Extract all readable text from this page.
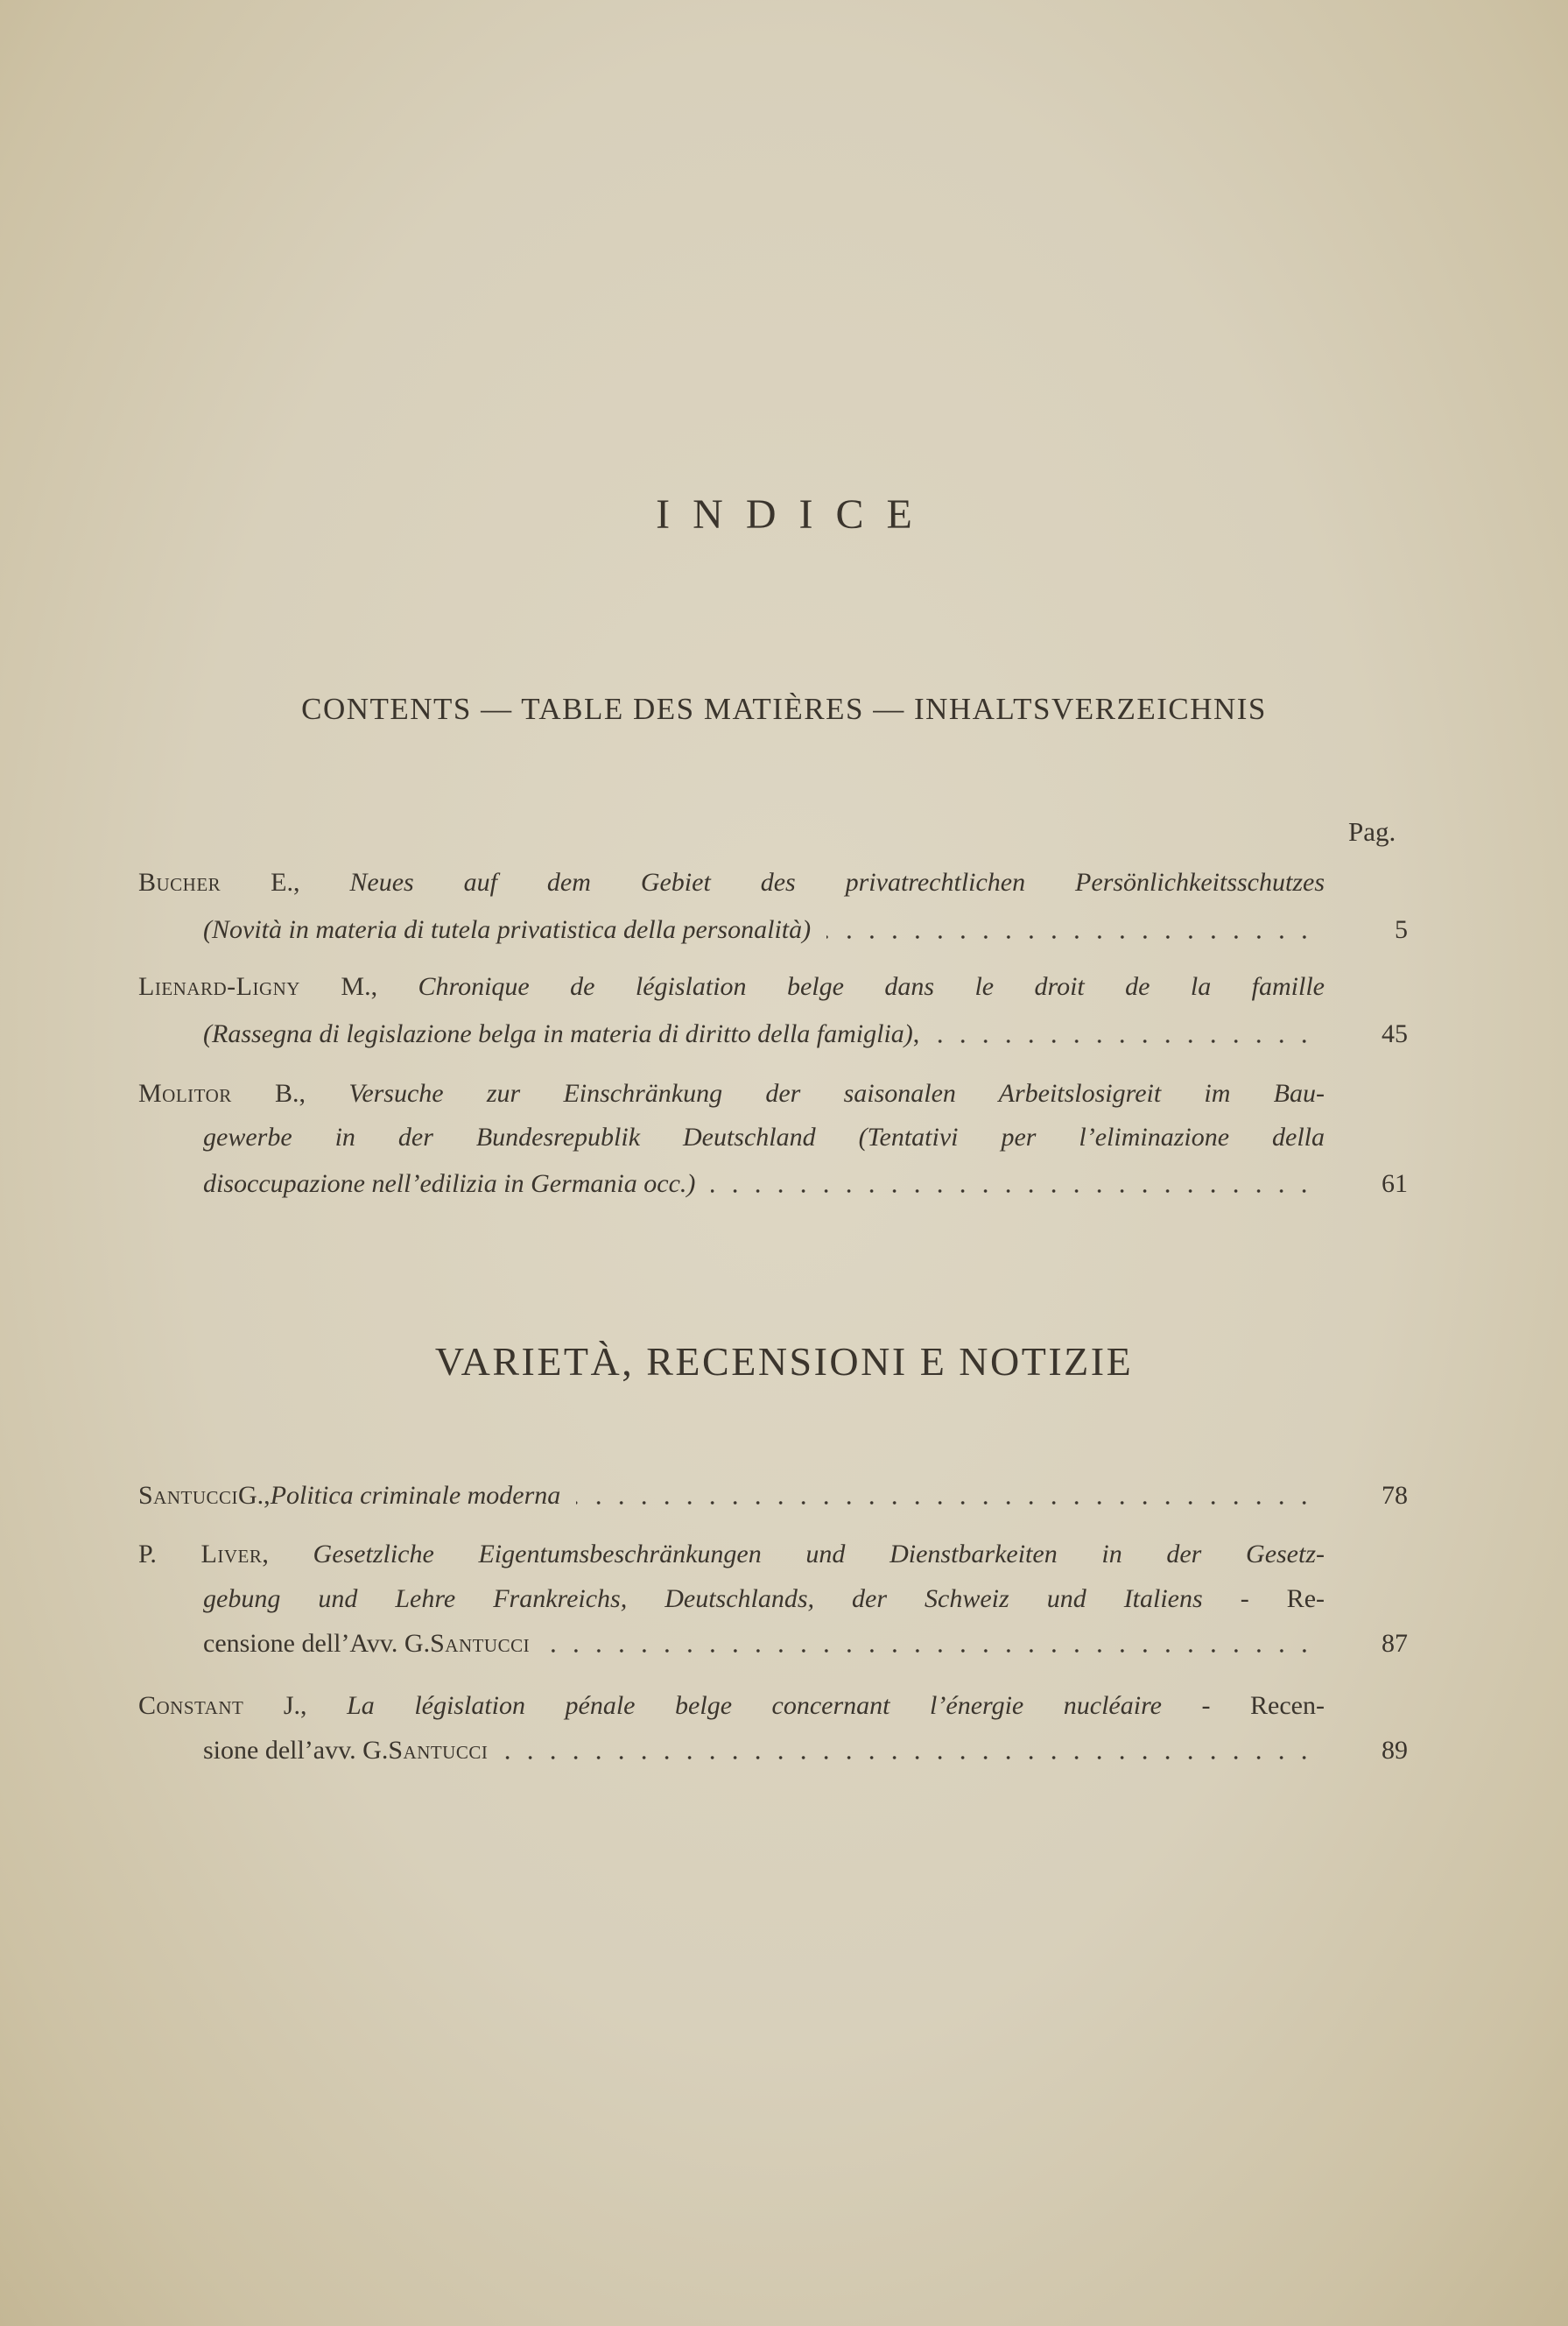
INDICE
CONTENTS — TABLE DES MATIÈRES — INHALTSVERZEICHNIS
Pag.
VARIETÀ, RECENSIONI E NOTIZIE
Bucher E., Neues auf dem Gebiet des privatrechtlichen Persönlichkeitsschutzes
5
(Novità in materia di tutela privatistica della personalità)
Lienard-Ligny M., Chronique de législation belge dans le droit de la famille
45
(Rassegna di legislazione belga in materia di diritto della famiglia) ,
Molitor B., Versuche zur Einschränkung der saisonalen Arbeitslosigreit im Bau-
gewerbe in der Bundesrepublik Deutschland (Tentativi per l’eliminazione della
61
disoccupazione nell’edilizia in Germania occ.)
78
Santucci G., Politica criminale moderna
P. Liver, Gesetzliche Eigentumsbeschränkungen und Dienstbarkeiten in der Gesetz-
gebung und Lehre Frankreichs, Deutschlands, der Schweiz und Italiens - Re-
87
censione dell’Avv. G. Santucci
Constant J., La législation pénale belge concernant l’énergie nucléaire - Recen-
89
sione dell’avv. G. Santucci
